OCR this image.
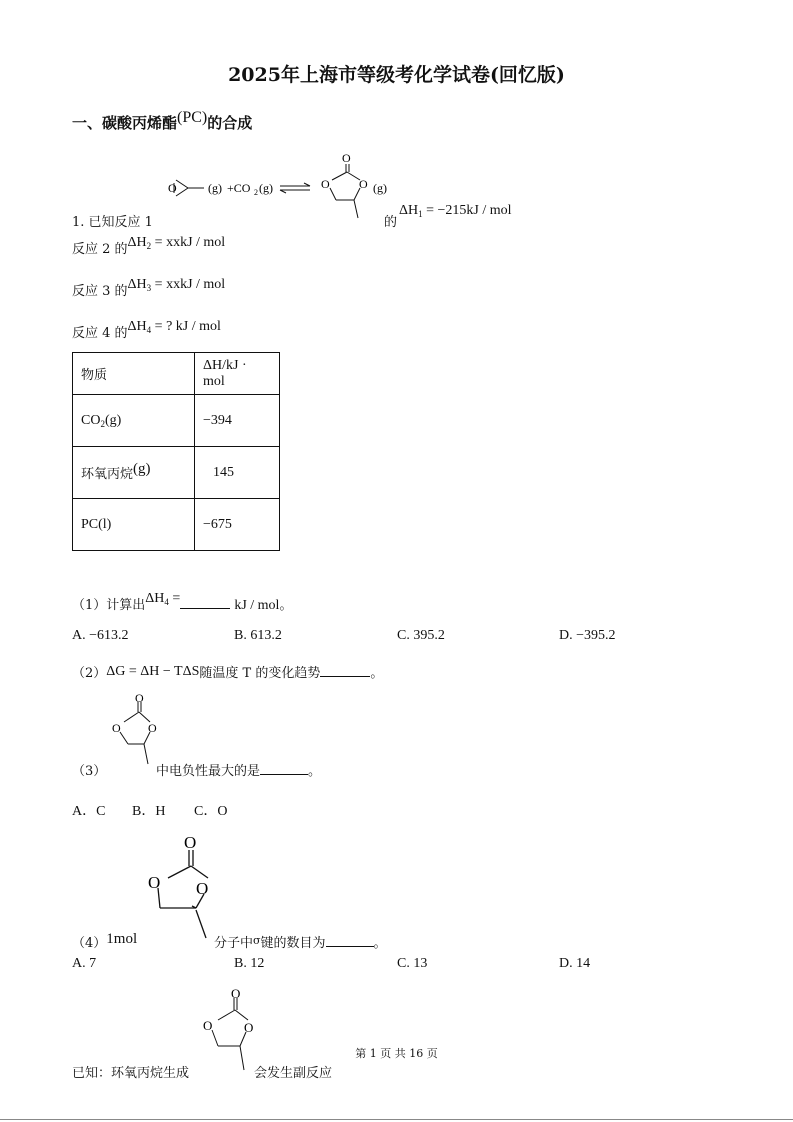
2025年上海市等级考化学试卷(回忆版)
一、碳酸丙烯酯(PC)的合成
O	(g) +CO 2 (g)
O
O O (g)
1. 已知反应 1	的
$\Delta H_1 = -215kJ$ / mol
反应 2 的$\Delta H_2$ = xxkJ / mol
反应 3 的$\Delta H_3$ = xxkJ / mol
反应 4 的$\Delta H_4$ = ? kJ / mol
物质	ΔH/kJ · mol
$CO_2(g)$	−394
环氧丙烷(g)	145
PC(l)	−675
（1）计算出$\Delta H_4$ =	kJ / mol。
A. −613.2	B. 613.2	C. 395.2	D. −395.2
（2）ΔG = ΔH − TΔS随温度 T 的变化趋势	。
O
O O
（3）	中电负性最大的是	。
A．C B．H C．O
O
O O
（4）1mol	分子中$^\sigma$键的数目为	。
A. 7	B. 12	C. 13	D. 14
O
O O
已知：环氧丙烷生成	会发生副反应
第 1 页 共 16 页
